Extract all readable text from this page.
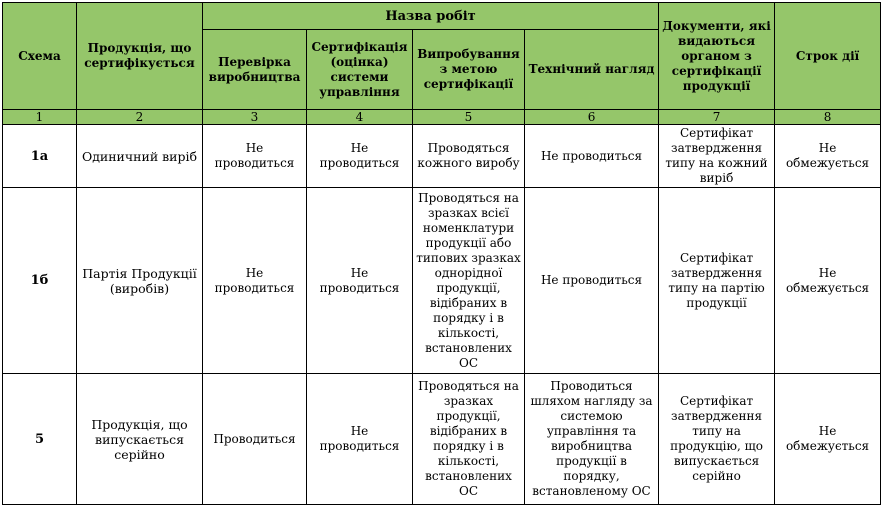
Схема	Продукція, що сертифікується	Назва робіт				Документи, які видаються органом з сертифікації продукції	Строк дії
		Перевірка виробництва	Сертифікація (оцінка) системи управління	Випробування з метою сертифікації	Технічний нагляд		
1	2	3	4	5	6	7	8
1а	Одиничний виріб	Не проводиться	Не проводиться	Проводяться кожного виробу	Не проводиться	Сертифікат затвердження типу на кожний виріб	Не обмежується
1б	Партія Продукції (виробів)	Не проводиться	Не проводиться	Проводяться на зразках всієї номенклатури продукції або типових зразках однорідної продукції, відібраних в порядку і в кількості, встановлених ОС	Не проводиться	Сертифікат затвердження типу на партію продукції	Не обмежується
5	Продукція, що випускається серійно	Проводиться	Не проводиться	Проводяться на зразках продукції, відібраних в порядку і в кількості, встановлених ОС	Проводиться шляхом нагляду за системою управління та виробництва продукції в порядку, встановленому ОС	Сертифікат затвердження типу на продукцію, що випускається серійно	Не обмежується
